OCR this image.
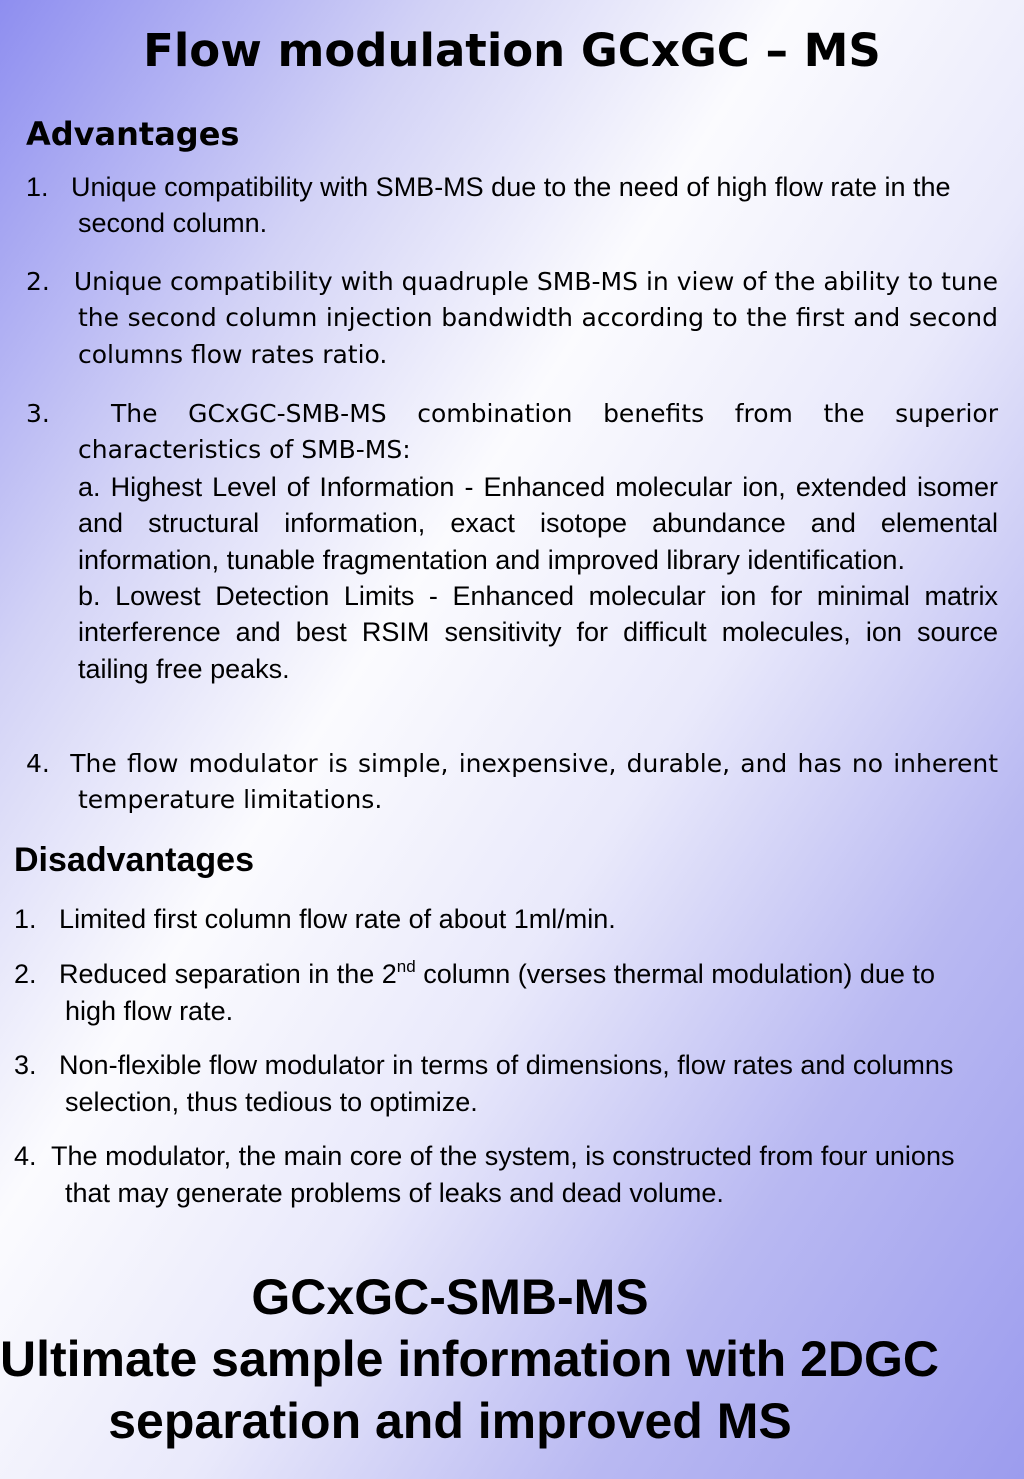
Flow modulation GCxGC – MS
Advantages
1. Unique compatibility with SMB-MS due to the need of high flow rate in the second column.
2. Unique compatibility with quadruple SMB-MS in view of the ability to tune the second column injection bandwidth according to the first and second columns flow rates ratio.
3. The GCxGC-SMB-MS combination benefits from the superior characteristics of SMB-MS:
a. Highest Level of Information - Enhanced molecular ion, extended isomer and structural information, exact isotope abundance and elemental information, tunable fragmentation and improved library identification.
b. Lowest Detection Limits - Enhanced molecular ion for minimal matrix interference and best RSIM sensitivity for difficult molecules, ion source tailing free peaks.
4. The flow modulator is simple, inexpensive, durable, and has no inherent temperature limitations.
Disadvantages
1. Limited first column flow rate of about 1ml/min.
2. Reduced separation in the 2nd column (verses thermal modulation) due to high flow rate.
3. Non-flexible flow modulator in terms of dimensions, flow rates and columns selection, thus tedious to optimize.
4. The modulator, the main core of the system, is constructed from four unions that may generate problems of leaks and dead volume.
GCxGC-SMB-MS
Ultimate sample information with 2DGC
separation and improved MS
